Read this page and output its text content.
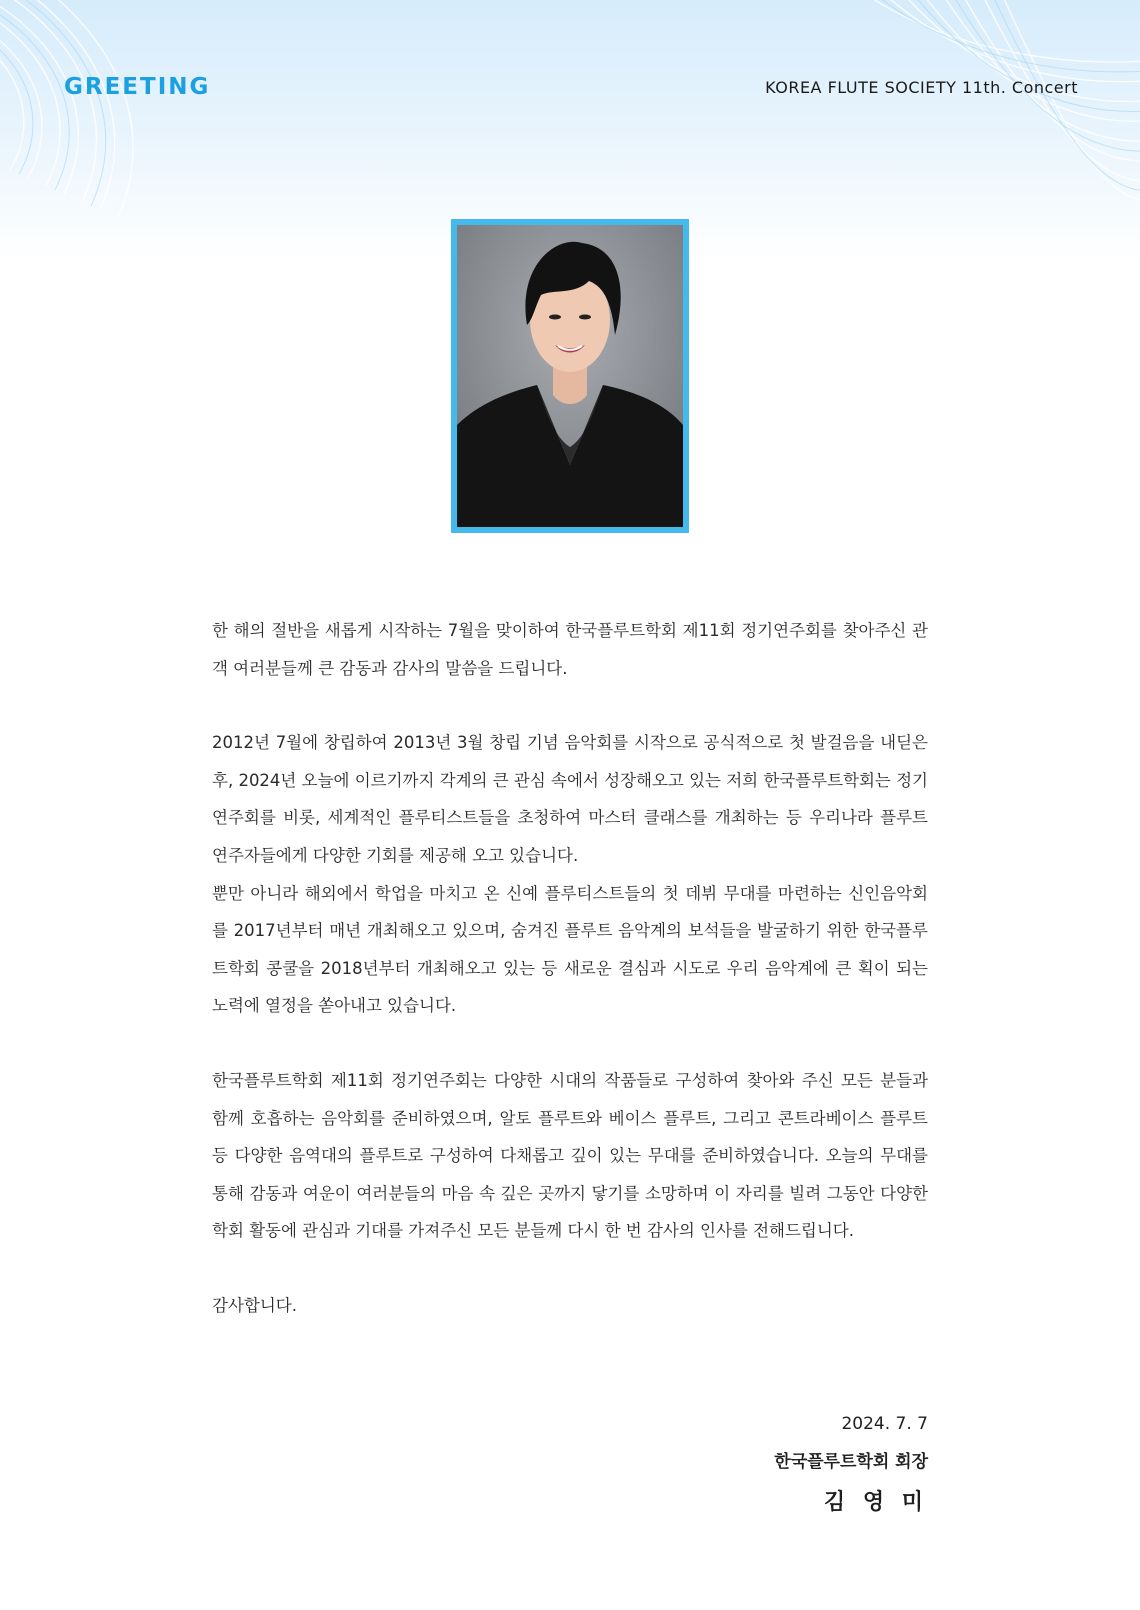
GREETING	KOREA FLUTE SOCIETY 11th. Concert

한 해의 절반을 새롭게 시작하는 7월을 맞이하여 한국플루트학회 제11회 정기연주회를 찾아주신 관객 여러분들께 큰 감동과 감사의 말씀을 드립니다.

2012년 7월에 창립하여 2013년 3월 창립 기념 음악회를 시작으로 공식적으로 첫 발걸음을 내딛은 후, 2024년 오늘에 이르기까지 각계의 큰 관심 속에서 성장해오고 있는 저희 한국플루트학회는 정기연주회를 비롯, 세계적인 플루티스트들을 초청하여 마스터 클래스를 개최하는 등 우리나라 플루트 연주자들에게 다양한 기회를 제공해 오고 있습니다.

뿐만 아니라 해외에서 학업을 마치고 온 신예 플루티스트들의 첫 데뷔 무대를 마련하는 신인음악회를 2017년부터 매년 개최해오고 있으며, 숨겨진 플루트 음악계의 보석들을 발굴하기 위한 한국플루트학회 콩쿨을 2018년부터 개최해오고 있는 등 새로운 결심과 시도로 우리 음악계에 큰 획이 되는 노력에 열정을 쏟아내고 있습니다.

한국플루트학회 제11회 정기연주회는 다양한 시대의 작품들로 구성하여 찾아와 주신 모든 분들과 함께 호흡하는 음악회를 준비하였으며, 알토 플루트와 베이스 플루트, 그리고 콘트라베이스 플루트 등 다양한 음역대의 플루트로 구성하여 다채롭고 깊이 있는 무대를 준비하였습니다. 오늘의 무대를 통해 감동과 여운이 여러분들의 마음 속 깊은 곳까지 닿기를 소망하며 이 자리를 빌려 그동안 다양한 학회 활동에 관심과 기대를 가져주신 모든 분들께 다시 한 번 감사의 인사를 전해드립니다.

감사합니다.

2024. 7. 7
한국플루트학회 회장
김 영 미
